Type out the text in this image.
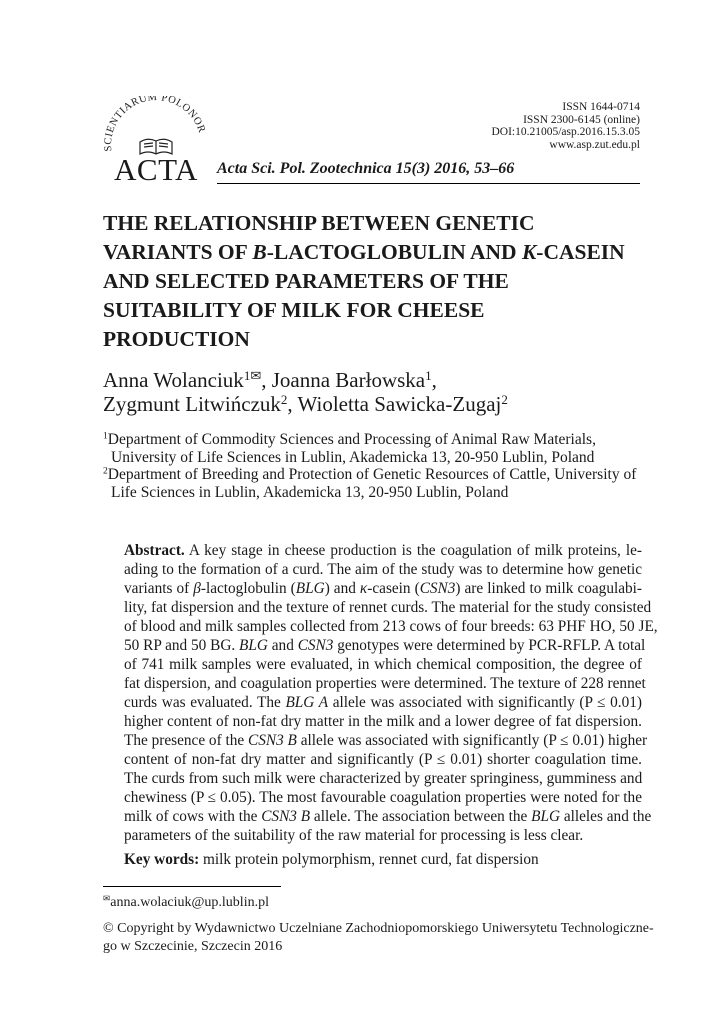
ISSN 1644-0714
ISSN 2300-6145 (online)
DOI:10.21005/asp.2016.15.3.05
www.asp.zut.edu.pl
SCIENTIARUM POLONOR
ACTA Acta Sci. Pol. Zootechnica 15(3) 2016, 53–66
THE RELATIONSHIP BETWEEN GENETIC
VARIANTS OF B-LACTOGLOBULIN AND K-CASEIN
AND SELECTED PARAMETERS OF THE
SUITABILITY OF MILK FOR CHEESE
PRODUCTION
Anna Wolanciuk$^{1✉}$, Joanna Barłowska$^1$,
Zygmunt Litwińczuk$^2$, Wioletta Sawicka-Zugaj$^2$
$^1$Department of Commodity Sciences and Processing of Animal Raw Materials,
University of Life Sciences in Lublin, Akademicka 13, 20-950 Lublin, Poland
$^2$Department of Breeding and Protection of Genetic Resources of Cattle, University of
Life Sciences in Lublin, Akademicka 13, 20-950 Lublin, Poland
Abstract. A key stage in cheese production is the coagulation of milk proteins, le-
ading to the formation of a curd. The aim of the study was to determine how genetic
variants of β-lactoglobulin (BLG) and κ-casein (CSN3) are linked to milk coagulabi-
lity, fat dispersion and the texture of rennet curds. The material for the study consisted
of blood and milk samples collected from 213 cows of four breeds: 63 PHF HO, 50 JE,
50 RP and 50 BG. BLG and CSN3 genotypes were determined by PCR-RFLP. A total
of 741 milk samples were evaluated, in which chemical composition, the degree of
fat dispersion, and coagulation properties were determined. The texture of 228 rennet
curds was evaluated. The BLG A allele was associated with significantly (P ≤ 0.01)
higher content of non-fat dry matter in the milk and a lower degree of fat dispersion.
The presence of the CSN3 B allele was associated with significantly (P ≤ 0.01) higher
content of non-fat dry matter and significantly (P ≤ 0.01) shorter coagulation time.
The curds from such milk were characterized by greater springiness, gumminess and
chewiness (P ≤ 0.05). The most favourable coagulation properties were noted for the
milk of cows with the CSN3 B allele. The association between the BLG alleles and the
parameters of the suitability of the raw material for processing is less clear.
Key words: milk protein polymorphism, rennet curd, fat dispersion
✉anna.wolaciuk@up.lublin.pl
© Copyright by Wydawnictwo Uczelniane Zachodniopomorskiego Uniwersytetu Technologiczne-
go w Szczecinie, Szczecin 2016
